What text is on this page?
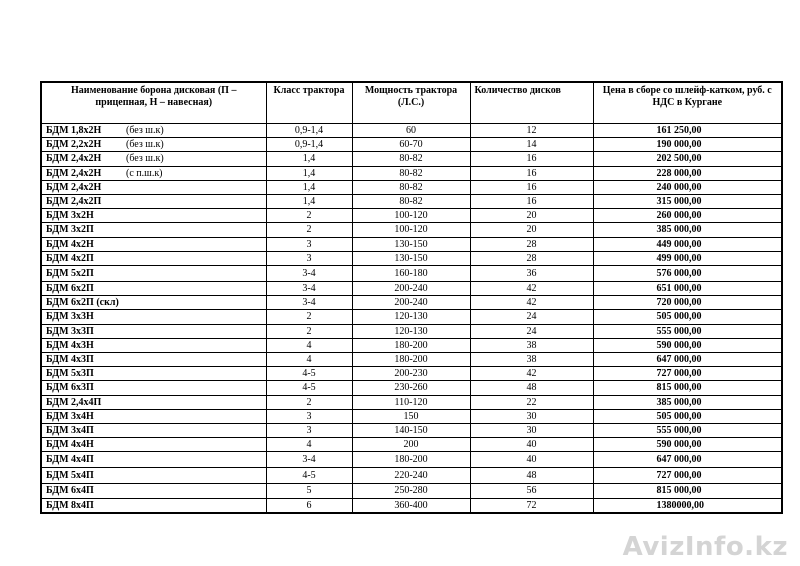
Наименование борона дисковая (П – прицепная, Н – навесная)	Класс трактора	Мощность трактора (Л.С.)	Количество дисков	Цена в сборе со шлейф-катком, руб. с НДС в Кургане
БДМ 1,8х2Н (без ш.к)	0,9-1,4	60	12	161 250,00
БДМ 2,2х2Н (без ш.к)	0,9-1,4	60-70	14	190 000,00
БДМ 2,4х2Н (без ш.к)	1,4	80-82	16	202 500,00
БДМ 2,4х2Н (с п.ш.к)	1,4	80-82	16	228 000,00
БДМ 2,4х2Н	1,4	80-82	16	240 000,00
БДМ 2,4х2П	1,4	80-82	16	315 000,00
БДМ 3х2Н	2	100-120	20	260 000,00
БДМ 3х2П	2	100-120	20	385 000,00
БДМ 4х2Н	3	130-150	28	449 000,00
БДМ 4х2П	3	130-150	28	499 000,00
БДМ 5х2П	3-4	160-180	36	576 000,00
БДМ 6х2П	3-4	200-240	42	651 000,00
БДМ 6х2П (скл)	3-4	200-240	42	720 000,00
БДМ 3х3Н	2	120-130	24	505 000,00
БДМ 3х3П	2	120-130	24	555 000,00
БДМ 4х3Н	4	180-200	38	590 000,00
БДМ 4х3П	4	180-200	38	647 000,00
БДМ 5х3П	4-5	200-230	42	727 000,00
БДМ 6х3П	4-5	230-260	48	815 000,00
БДМ 2,4х4П	2	110-120	22	385 000,00
БДМ 3х4Н	3	150	30	505 000,00
БДМ 3х4П	3	140-150	30	555 000,00
БДМ 4х4Н	4	200	40	590 000,00
БДМ 4х4П	3-4	180-200	40	647 000,00
БДМ 5х4П	4-5	220-240	48	727 000,00
БДМ 6х4П	5	250-280	56	815 000,00
БДМ 8х4П	6	360-400	72	1380000,00
AvizInfo.kz
